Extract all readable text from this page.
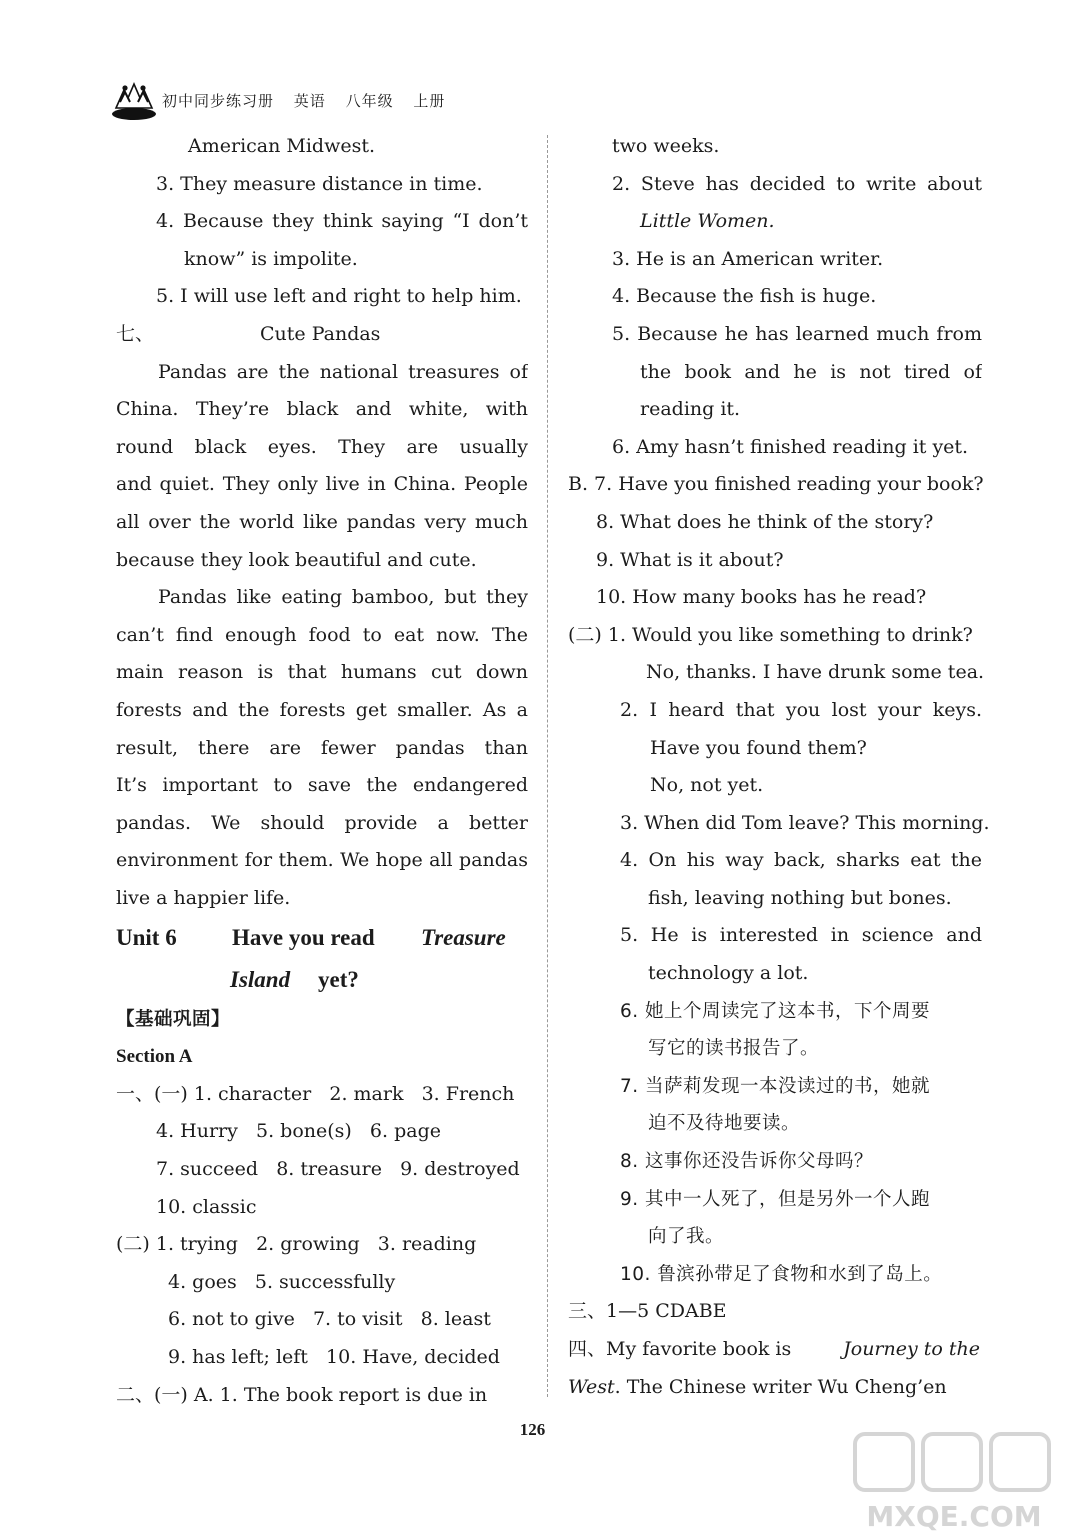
初中同步练习册 英语 八年级 上册
American Midwest.
3. They measure distance in time.
4. Because they think saying “I don’t
know” is impolite.
5. I will use left and right to help him.
七、	Cute Pandas
Pandas are the national treasures of
China. They’re black and white, with
round black eyes. They are usually
and quiet. They only live in China. People
all over the world like pandas very much
because they look beautiful and cute.
Pandas like eating bamboo, but they
can’t find enough food to eat now. The
main reason is that humans cut down
forests and the forests get smaller. As a
result, there are fewer pandas than
It’s important to save the endangered
pandas. We should provide a better
environment for them. We hope all pandas
live a happier life.
Unit 6 Have you read Treasure
Island yet?
【基础巩固】
Section A
一、(一) 1. character   2. mark   3. French
4. Hurry   5. bone(s)   6. page
7. succeed   8. treasure   9. destroyed
10. classic
(二) 1. trying   2. growing   3. reading
4. goes   5. successfully
6. not to give   7. to visit   8. least
9. has left; left   10. Have, decided
二、(一) A. 1. The book report is due in
two weeks.
2. Steve has decided to write about
Little Women.
3. He is an American writer.
4. Because the fish is huge.
5. Because he has learned much from
the book and he is not tired of
reading it.
6. Amy hasn’t finished reading it yet.
B. 7. Have you finished reading your book?
8. What does he think of the story?
9. What is it about?
10. How many books has he read?
(二) 1. Would you like something to drink?
No, thanks. I have drunk some tea.
2. I heard that you lost your keys.
Have you found them?
No, not yet.
3. When did Tom leave? This morning.
4. On his way back, sharks eat the
fish, leaving nothing but bones.
5. He is interested in science and
technology a lot.
6. 她上个周读完了这本书，下个周要
写它的读书报告了。
7. 当萨莉发现一本没读过的书，她就
迫不及待地要读。
8. 这事你还没告诉你父母吗？
9. 其中一人死了，但是另外一个人跑
向了我。
10. 鲁滨孙带足了食物和水到了岛上。
三、1—5 CDABE
四、My favorite book is	Journey to the
West. The Chinese writer Wu Cheng’en
126
MXQE.COM
